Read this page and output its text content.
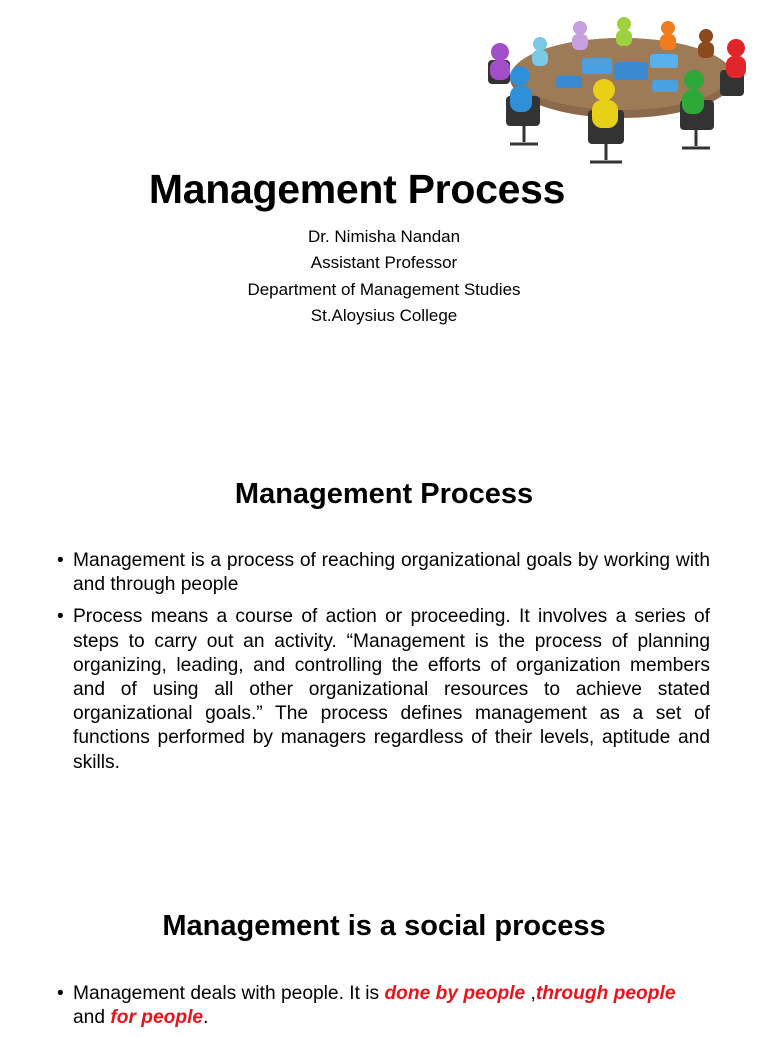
Management Process
Dr. Nimisha Nandan
Assistant Professor
Department of Management Studies
St.Aloysius College
Management Process
• Management is a process of reaching organizational goals by working with and through people
• Process means a course of action or proceeding. It involves a series of steps to carry out an activity. “Management is the process of planning organizing, leading, and controlling the efforts of organization members and of using all other organizational resources to achieve stated organizational goals.” The process defines management as a set of functions performed by managers regardless of their levels, aptitude and skills.
Management is a social process
• Management deals with people. It is done by people ,through people
and for people.
